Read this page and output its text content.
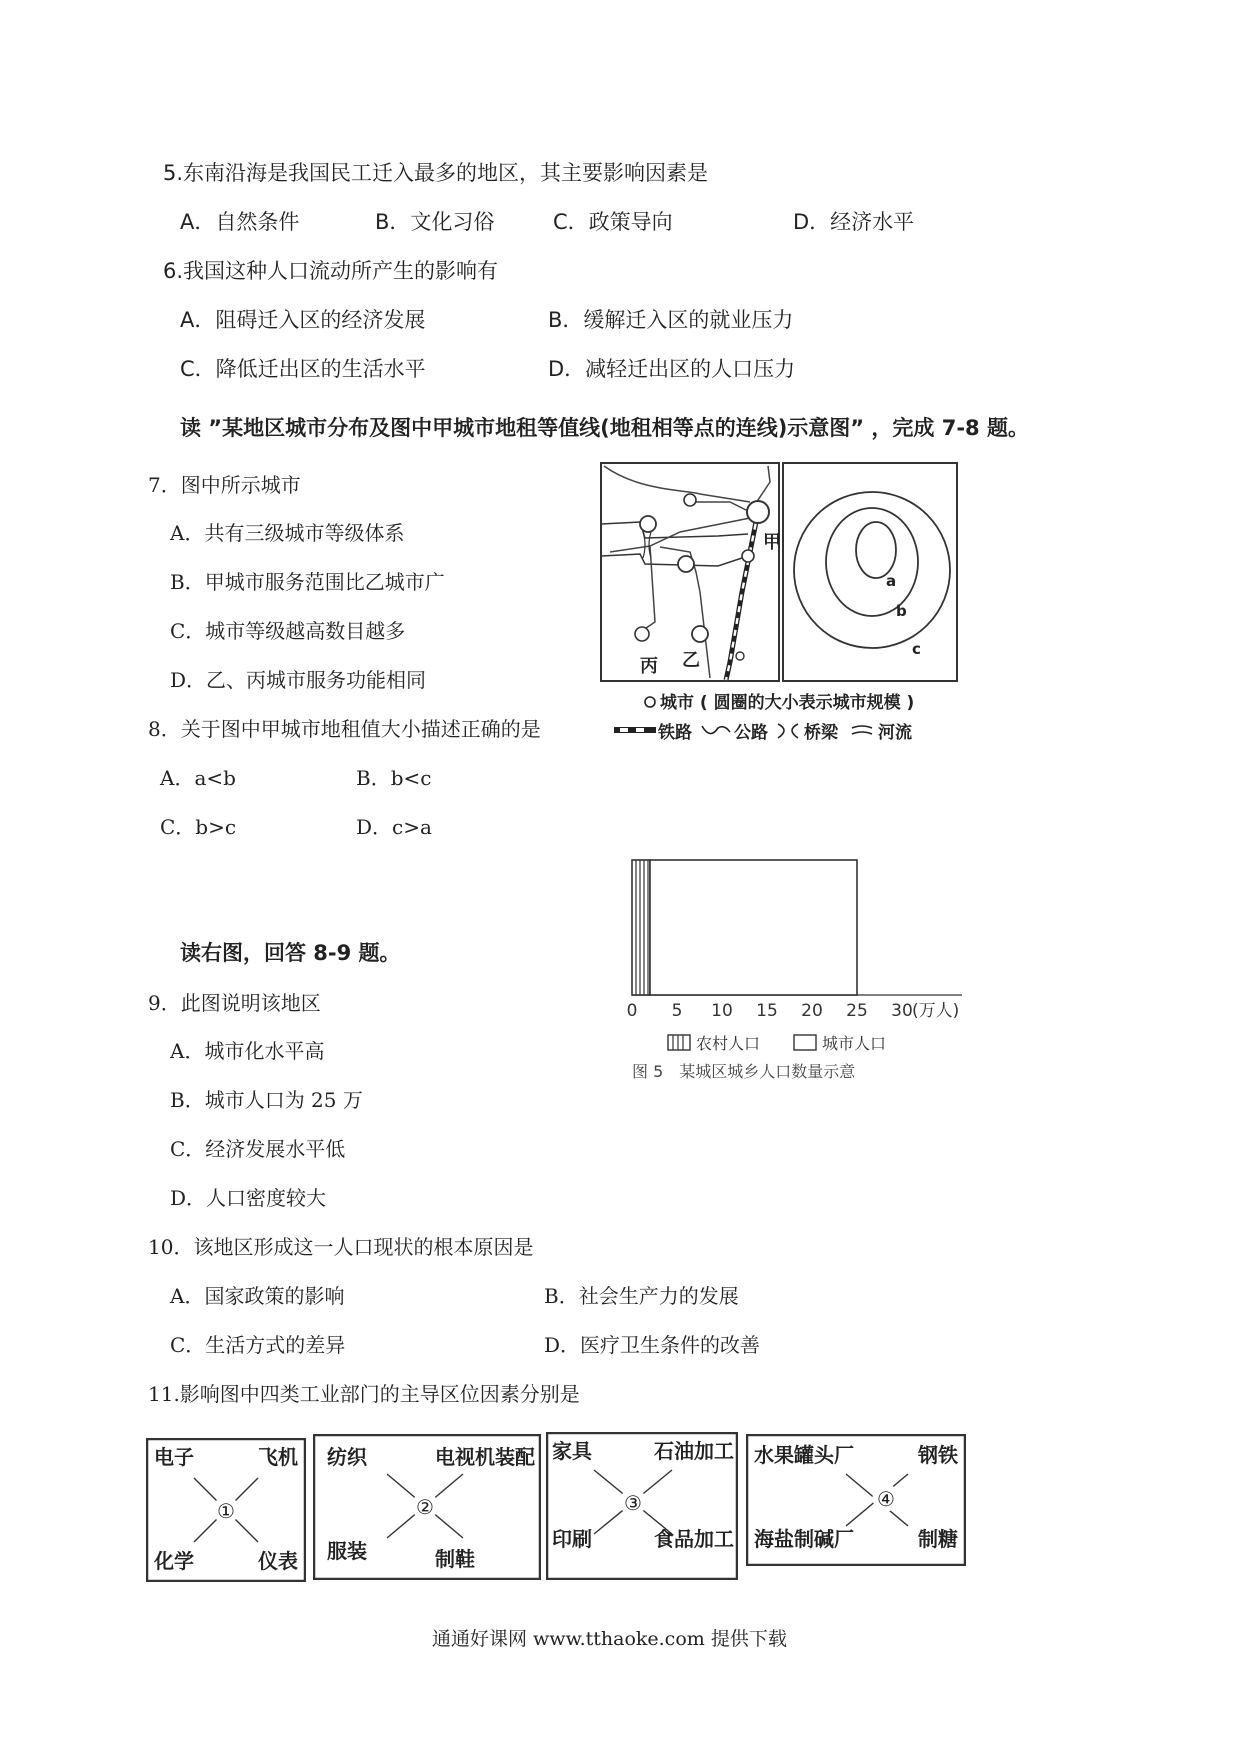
5.东南沿海是我国民工迁入最多的地区，其主要影响因素是
A．自然条件	B．文化习俗	C．政策导向	D．经济水平
6.我国这种人口流动所产生的影响有
A．阻碍迁入区的经济发展	B．缓解迁入区的就业压力
C．降低迁出区的生活水平	D．减轻迁出区的人口压力
读 ”某地区城市分布及图中甲城市地租等值线(地租相等点的连线)示意图” ，完成 7-8 题。
7．图中所示城市
A．共有三级城市等级体系
B．甲城市服务范围比乙城市广
C．城市等级越高数目越多
D．乙、丙城市服务功能相同
8．关于图中甲城市地租值大小描述正确的是
A．a<b	B．b<c
C．b>c	D．c>a
甲
乙
丙
a
b
c
城市 ( 圆圈的大小表示城市规模 )
铁路 公路 桥梁 河流
读右图，回答 8-9 题。
0 5 10 15 20 25 30 (万人)
农村人口	城市人口
图 5　某城区城乡人口数量示意
9．此图说明该地区
A．城市化水平高
B．城市人口为 25 万
C．经济发展水平低
D．人口密度较大
10．该地区形成这一人口现状的根本原因是
A．国家政策的影响	B．社会生产力的发展
C．生活方式的差异	D．医疗卫生条件的改善
11.影响图中四类工业部门的主导区位因素分别是
①
电子	飞机
化学	仪表
②
纺织	电视机装配
服装	制鞋
③
家具	石油加工
印刷	食品加工
④
水果罐头厂	钢铁
海盐制碱厂	制糖
通通好课网 www.tthaoke.com 提供下载
